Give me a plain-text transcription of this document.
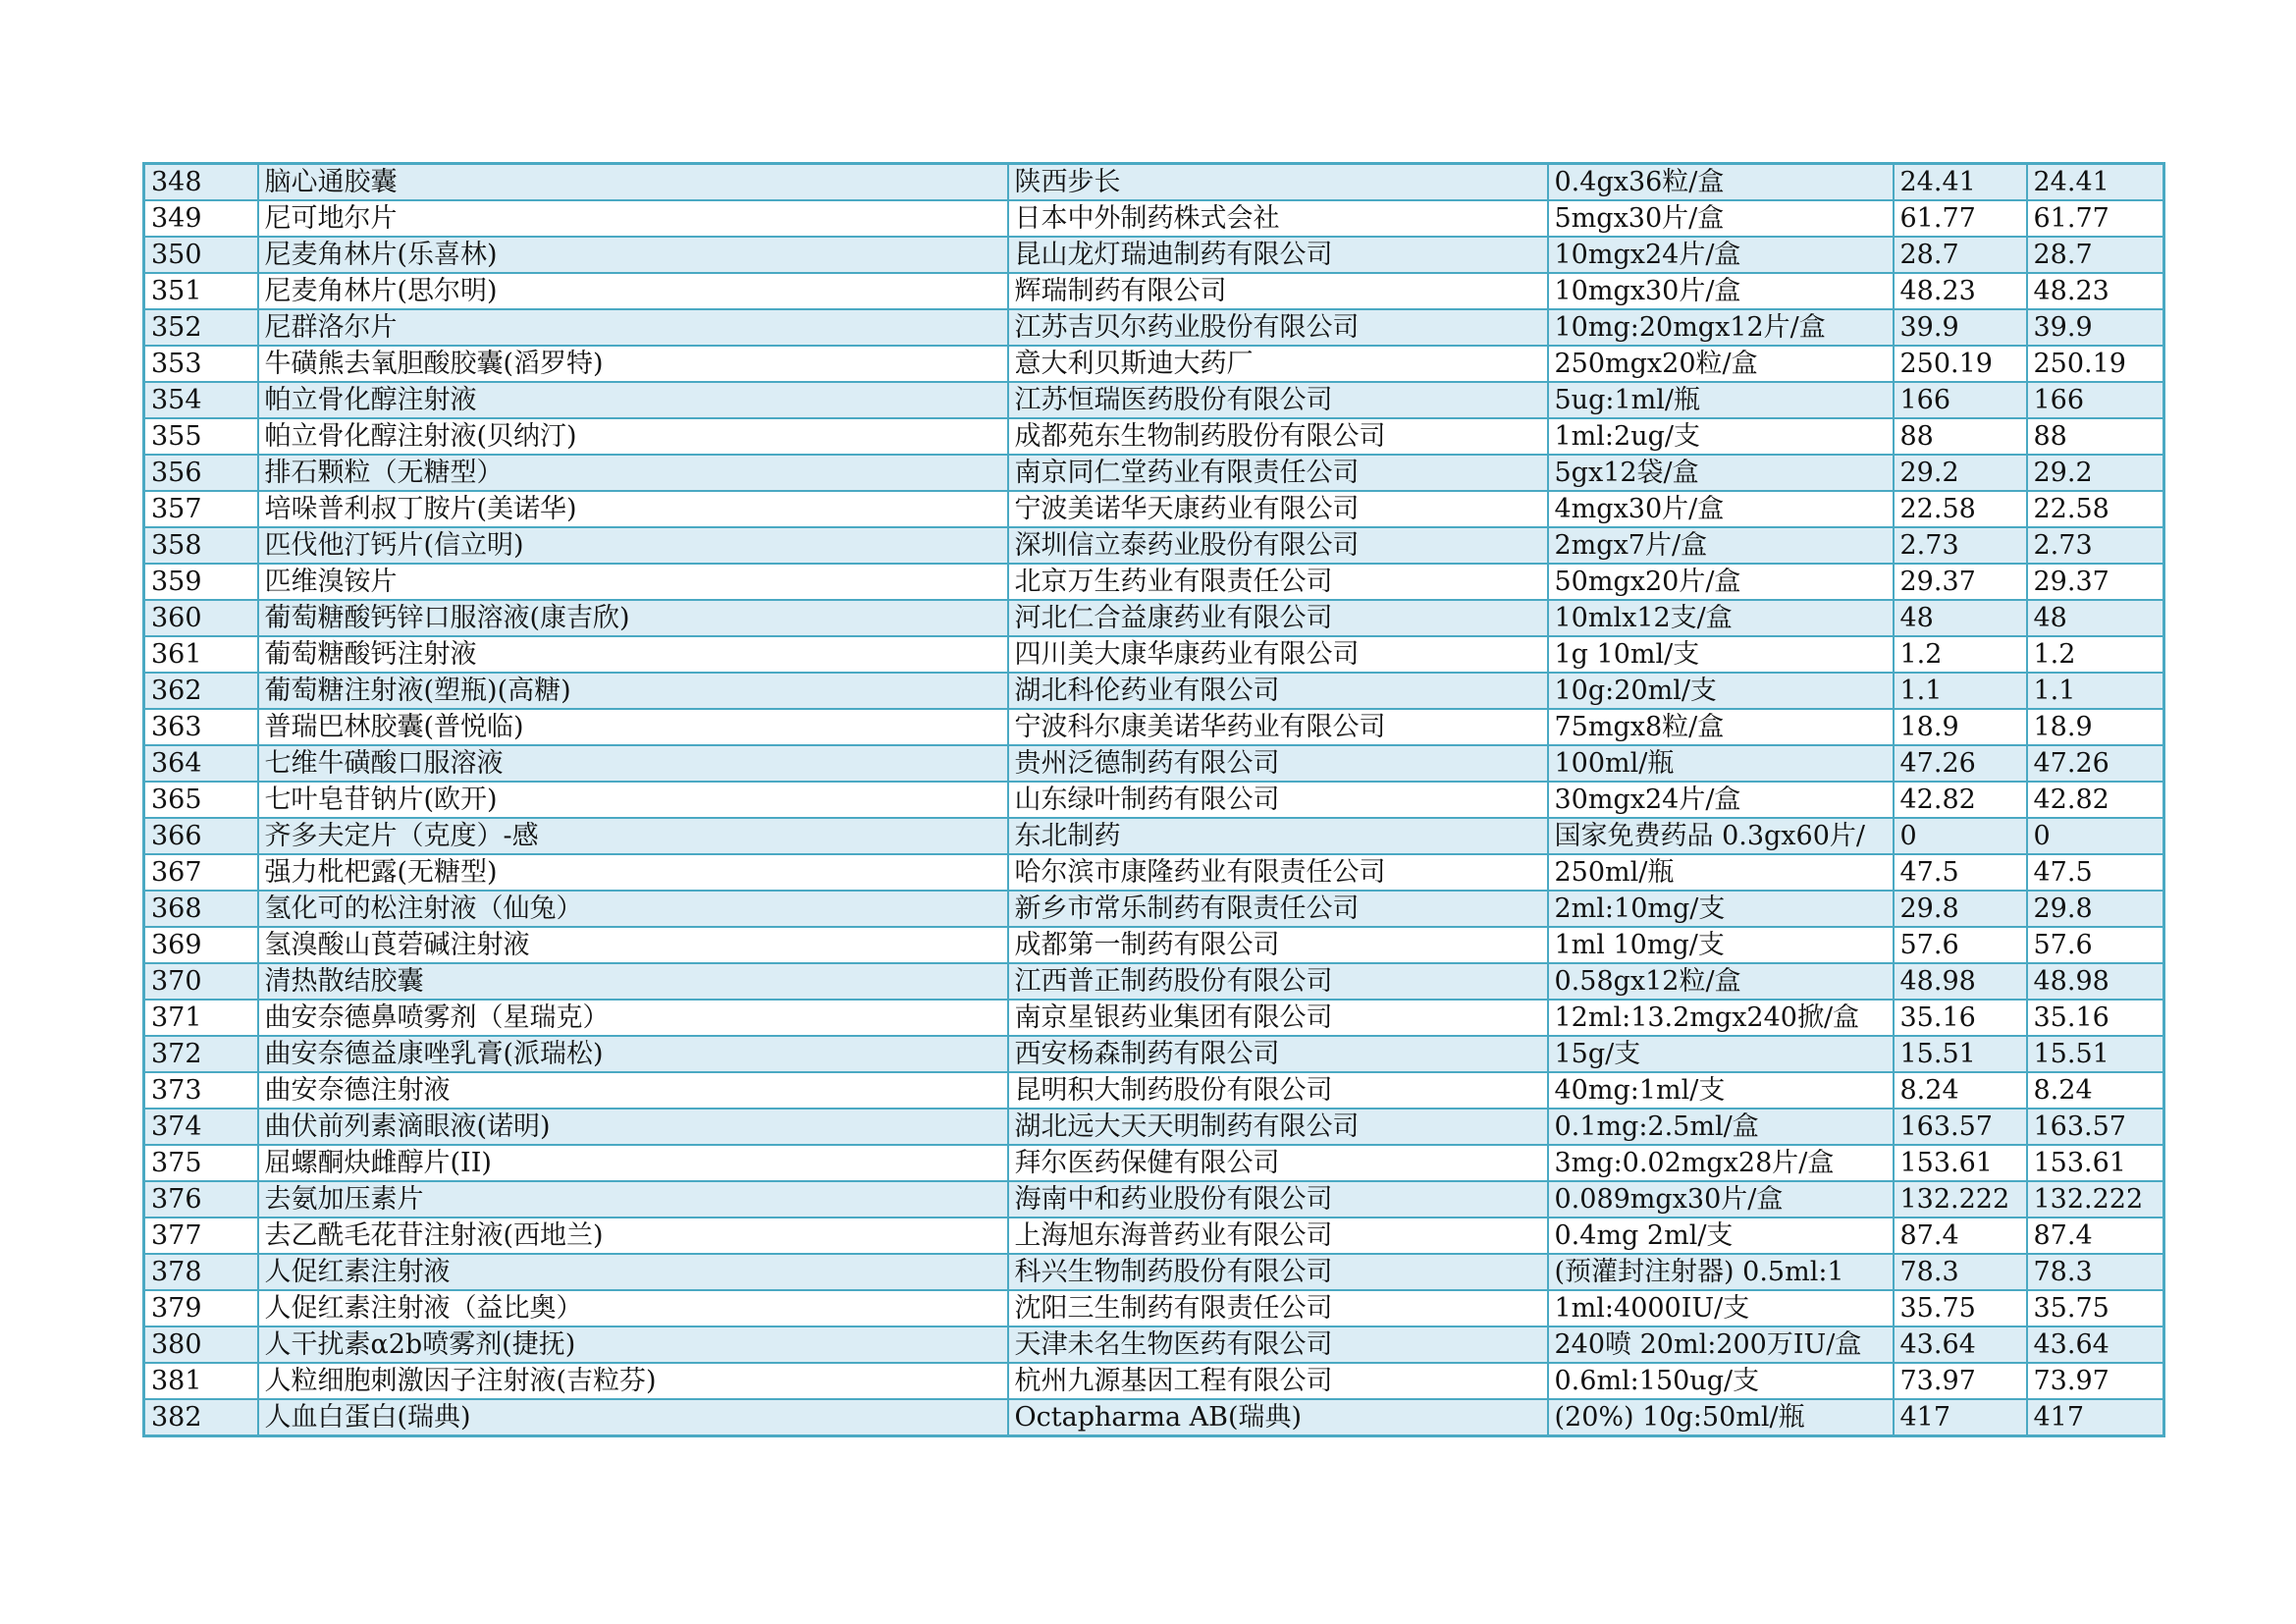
348	脑心通胶囊	陕西步长	0.4gx36粒/盒	24.41	24.41
349	尼可地尔片	日本中外制药株式会社	5mgx30片/盒	61.77	61.77
350	尼麦角林片(乐喜林)	昆山龙灯瑞迪制药有限公司	10mgx24片/盒	28.7	28.7
351	尼麦角林片(思尔明)	辉瑞制药有限公司	10mgx30片/盒	48.23	48.23
352	尼群洛尔片	江苏吉贝尔药业股份有限公司	10mg:20mgx12片/盒	39.9	39.9
353	牛磺熊去氧胆酸胶囊(滔罗特)	意大利贝斯迪大药厂	250mgx20粒/盒	250.19	250.19
354	帕立骨化醇注射液	江苏恒瑞医药股份有限公司	5ug:1ml/瓶	166	166
355	帕立骨化醇注射液(贝纳汀)	成都苑东生物制药股份有限公司	1ml:2ug/支	88	88
356	排石颗粒（无糖型）	南京同仁堂药业有限责任公司	5gx12袋/盒	29.2	29.2
357	培哚普利叔丁胺片(美诺华)	宁波美诺华天康药业有限公司	4mgx30片/盒	22.58	22.58
358	匹伐他汀钙片(信立明)	深圳信立泰药业股份有限公司	2mgx7片/盒	2.73	2.73
359	匹维溴铵片	北京万生药业有限责任公司	50mgx20片/盒	29.37	29.37
360	葡萄糖酸钙锌口服溶液(康吉欣)	河北仁合益康药业有限公司	10mlx12支/盒	48	48
361	葡萄糖酸钙注射液	四川美大康华康药业有限公司	1g 10ml/支	1.2	1.2
362	葡萄糖注射液(塑瓶)(高糖)	湖北科伦药业有限公司	10g:20ml/支	1.1	1.1
363	普瑞巴林胶囊(普悦临)	宁波科尔康美诺华药业有限公司	75mgx8粒/盒	18.9	18.9
364	七维牛磺酸口服溶液	贵州泛德制药有限公司	100ml/瓶	47.26	47.26
365	七叶皂苷钠片(欧开)	山东绿叶制药有限公司	30mgx24片/盒	42.82	42.82
366	齐多夫定片（克度）-感	东北制药	国家免费药品 0.3gx60片/	0	0
367	强力枇杷露(无糖型)	哈尔滨市康隆药业有限责任公司	250ml/瓶	47.5	47.5
368	氢化可的松注射液（仙兔）	新乡市常乐制药有限责任公司	2ml:10mg/支	29.8	29.8
369	氢溴酸山莨菪碱注射液	成都第一制药有限公司	1ml 10mg/支	57.6	57.6
370	清热散结胶囊	江西普正制药股份有限公司	0.58gx12粒/盒	48.98	48.98
371	曲安奈德鼻喷雾剂（星瑞克）	南京星银药业集团有限公司	12ml:13.2mgx240掀/盒	35.16	35.16
372	曲安奈德益康唑乳膏(派瑞松)	西安杨森制药有限公司	15g/支	15.51	15.51
373	曲安奈德注射液	昆明积大制药股份有限公司	40mg:1ml/支	8.24	8.24
374	曲伏前列素滴眼液(诺明)	湖北远大天天明制药有限公司	0.1mg:2.5ml/盒	163.57	163.57
375	屈螺酮炔雌醇片(II)	拜尔医药保健有限公司	3mg:0.02mgx28片/盒	153.61	153.61
376	去氨加压素片	海南中和药业股份有限公司	0.089mgx30片/盒	132.222	132.222
377	去乙酰毛花苷注射液(西地兰)	上海旭东海普药业有限公司	0.4mg 2ml/支	87.4	87.4
378	人促红素注射液	科兴生物制药股份有限公司	(预灌封注射器) 0.5ml:1	78.3	78.3
379	人促红素注射液（益比奥）	沈阳三生制药有限责任公司	1ml:4000IU/支	35.75	35.75
380	人干扰素α2b喷雾剂(捷抚)	天津未名生物医药有限公司	240喷 20ml:200万IU/盒	43.64	43.64
381	人粒细胞刺激因子注射液(吉粒芬)	杭州九源基因工程有限公司	0.6ml:150ug/支	73.97	73.97
382	人血白蛋白(瑞典)	Octapharma AB(瑞典)	(20%) 10g:50ml/瓶	417	417
